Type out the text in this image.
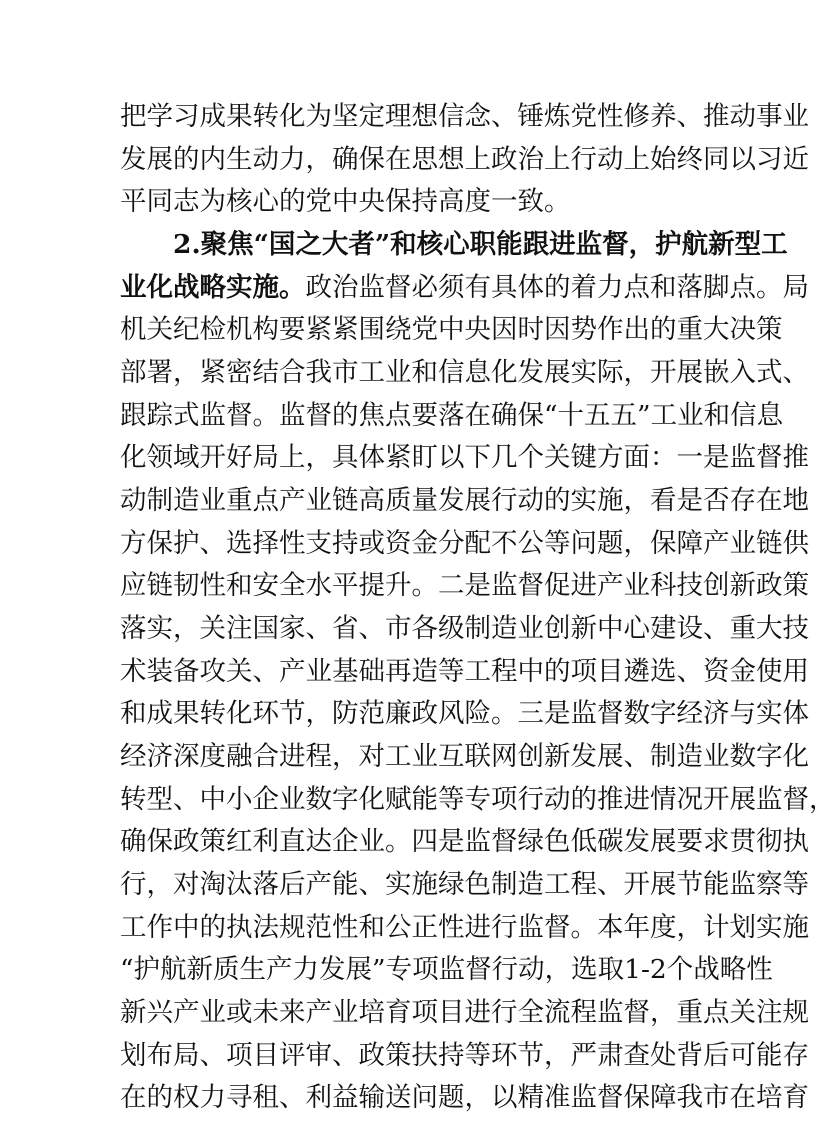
把学习成果转化为坚定理想信念、锤炼党性修养、推动事业
发展的内生动力，确保在思想上政治上行动上始终同以习近
平同志为核心的党中央保持高度一致。
2.聚焦“国之大者”和核心职能跟进监督，护航新型工
业化战略实施。政治监督必须有具体的着力点和落脚点。局
机关纪检机构要紧紧围绕党中央因时因势作出的重大决策
部署，紧密结合我市工业和信息化发展实际，开展嵌入式、
跟踪式监督。监督的焦点要落在确保“十五五”工业和信息
化领域开好局上，具体紧盯以下几个关键方面：一是监督推
动制造业重点产业链高质量发展行动的实施，看是否存在地
方保护、选择性支持或资金分配不公等问题，保障产业链供
应链韧性和安全水平提升。二是监督促进产业科技创新政策
落实，关注国家、省、市各级制造业创新中心建设、重大技
术装备攻关、产业基础再造等工程中的项目遴选、资金使用
和成果转化环节，防范廉政风险。三是监督数字经济与实体
经济深度融合进程，对工业互联网创新发展、制造业数字化
转型、中小企业数字化赋能等专项行动的推进情况开展监督，
确保政策红利直达企业。四是监督绿色低碳发展要求贯彻执
行，对淘汰落后产能、实施绿色制造工程、开展节能监察等
工作中的执法规范性和公正性进行监督。本年度，计划实施
“护航新质生产力发展”专项监督行动，选取1-2个战略性
新兴产业或未来产业培育项目进行全流程监督，重点关注规
划布局、项目评审、政策扶持等环节，严肃查处背后可能存
在的权力寻租、利益输送问题，以精准监督保障我市在培育
